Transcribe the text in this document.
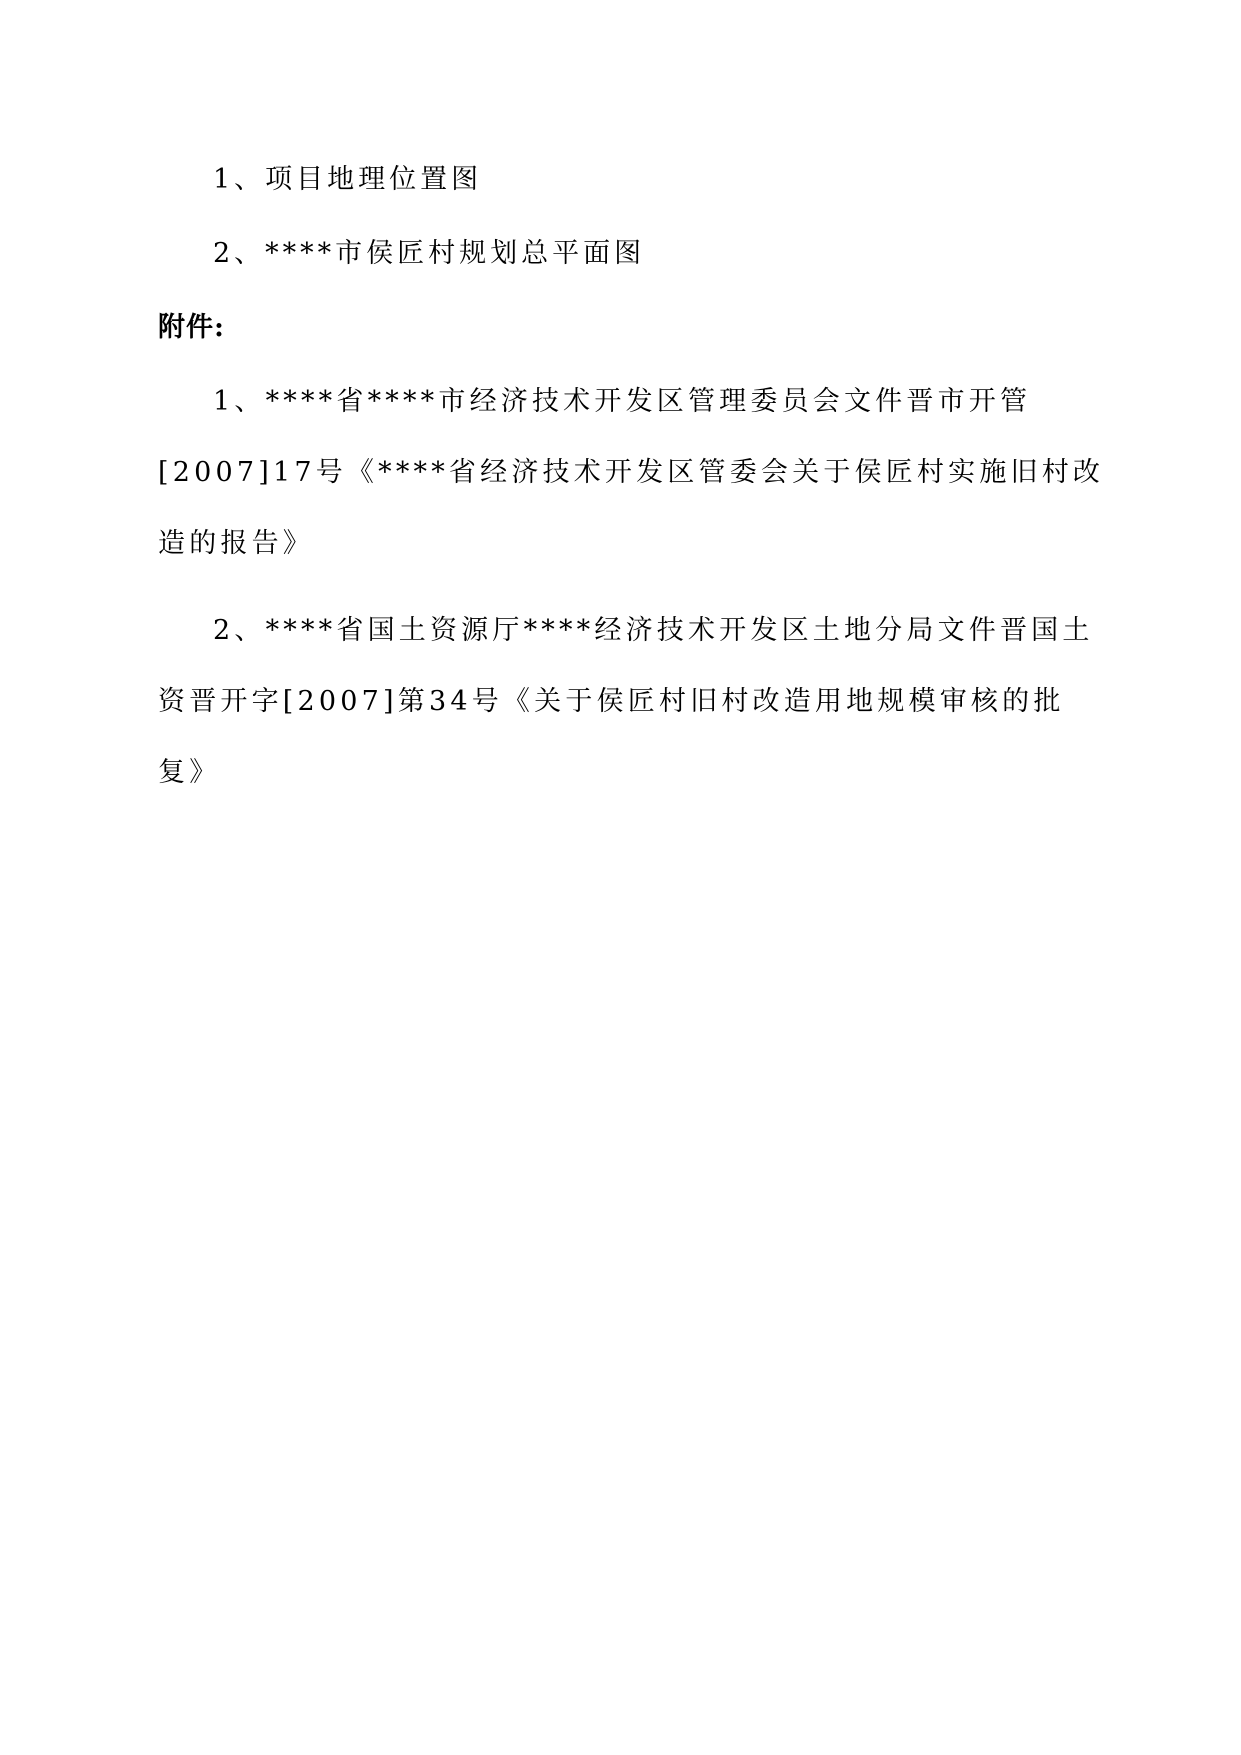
1、项目地理位置图

2、****市侯匠村规划总平面图

附件:

1、****省****市经济技术开发区管理委员会文件晋市开管[2007]17号《****省经济技术开发区管委会关于侯匠村实施旧村改造的报告》

2、****省国土资源厅****经济技术开发区土地分局文件晋国土资晋开字[2007]第34号《关于侯匠村旧村改造用地规模审核的批复》
